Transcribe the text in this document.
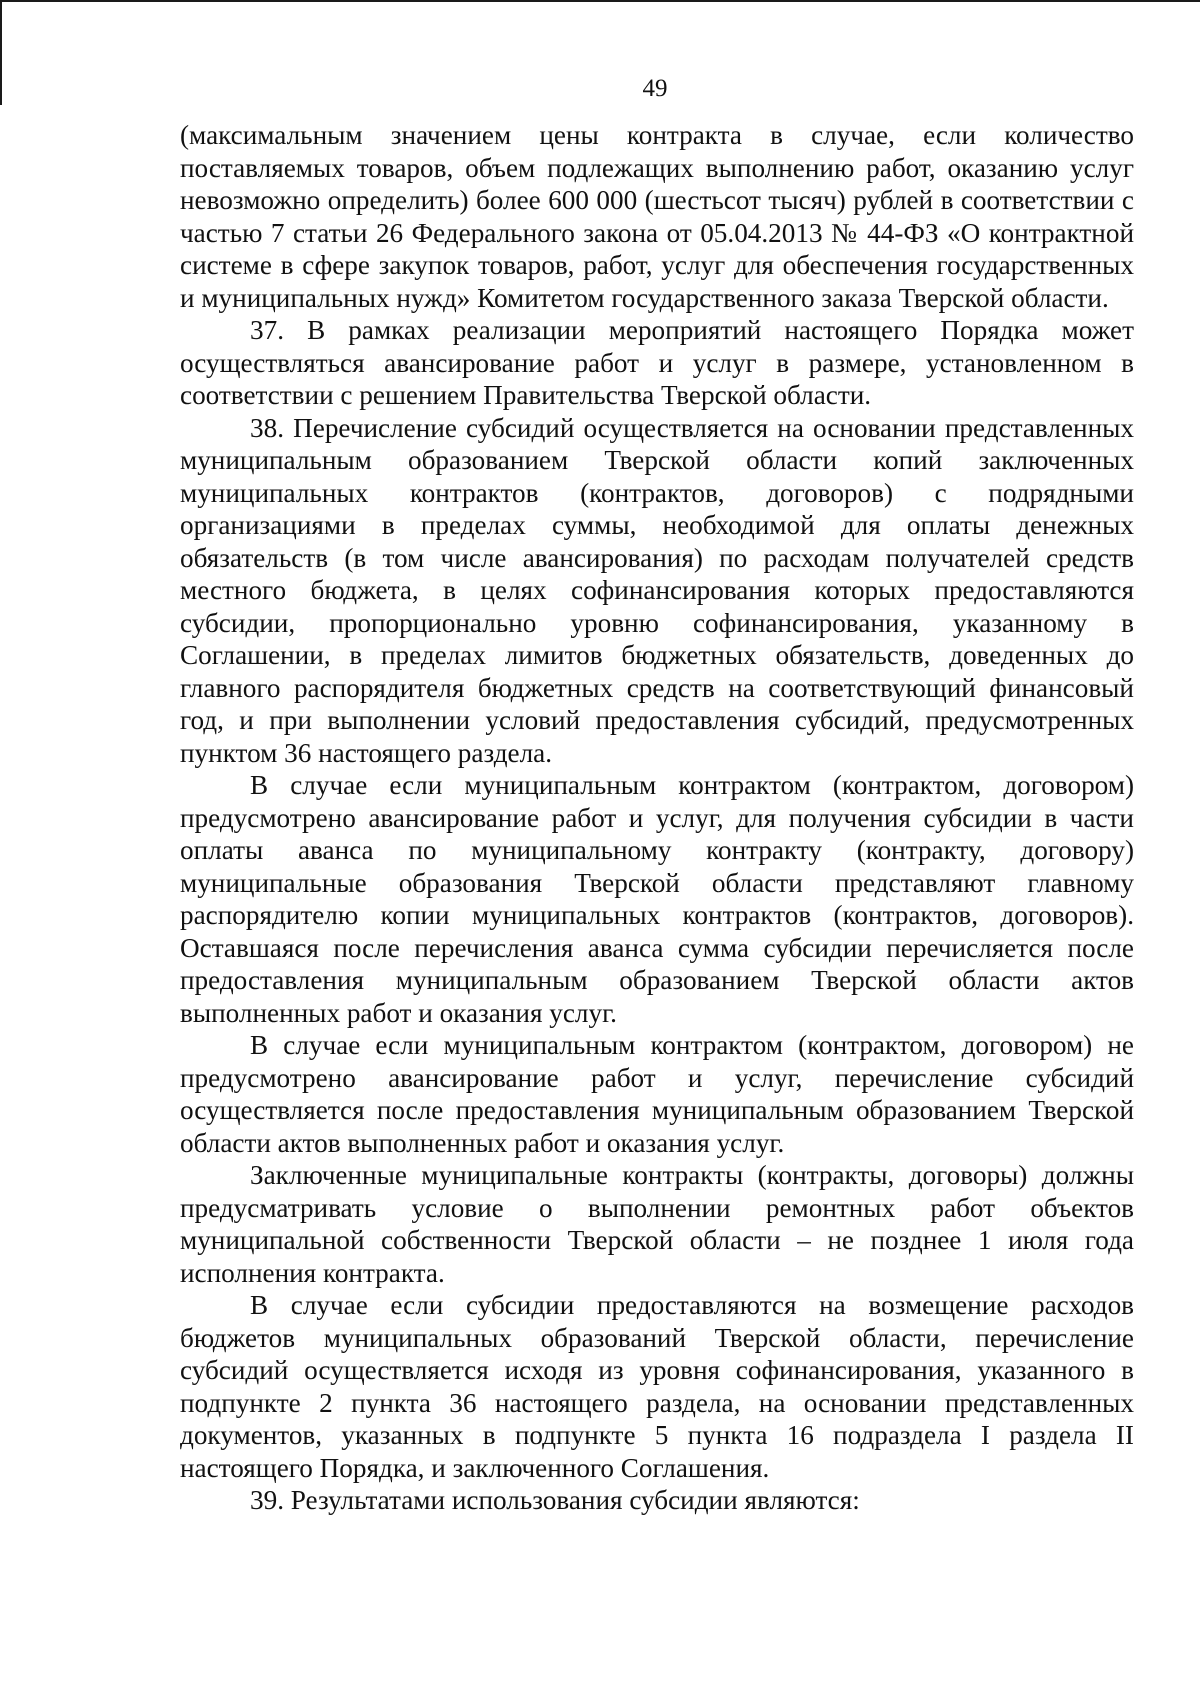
49

(максимальным значением цены контракта в случае, если количество поставляемых товаров, объем подлежащих выполнению работ, оказанию услуг невозможно определить) более 600 000 (шестьсот тысяч) рублей в соответствии с частью 7 статьи 26 Федерального закона от 05.04.2013 № 44-ФЗ «О контрактной системе в сфере закупок товаров, работ, услуг для обеспечения государственных и муниципальных нужд» Комитетом государственного заказа Тверской области.

37. В рамках реализации мероприятий настоящего Порядка может осуществляться авансирование работ и услуг в размере, установленном в соответствии с решением Правительства Тверской области.

38. Перечисление субсидий осуществляется на основании представленных муниципальным образованием Тверской области копий заключенных муниципальных контрактов (контрактов, договоров) с подрядными организациями в пределах суммы, необходимой для оплаты денежных обязательств (в том числе авансирования) по расходам получателей средств местного бюджета, в целях софинансирования которых предоставляются субсидии, пропорционально уровню софинансирования, указанному в Соглашении, в пределах лимитов бюджетных обязательств, доведенных до главного распорядителя бюджетных средств на соответствующий финансовый год, и при выполнении условий предоставления субсидий, предусмотренных пунктом 36 настоящего раздела.

В случае если муниципальным контрактом (контрактом, договором) предусмотрено авансирование работ и услуг, для получения субсидии в части оплаты аванса по муниципальному контракту (контракту, договору) муниципальные образования Тверской области представляют главному распорядителю копии муниципальных контрактов (контрактов, договоров). Оставшаяся после перечисления аванса сумма субсидии перечисляется после предоставления муниципальным образованием Тверской области актов выполненных работ и оказания услуг.

В случае если муниципальным контрактом (контрактом, договором) не предусмотрено авансирование работ и услуг, перечисление субсидий осуществляется после предоставления муниципальным образованием Тверской области актов выполненных работ и оказания услуг.

Заключенные муниципальные контракты (контракты, договоры) должны предусматривать условие о выполнении ремонтных работ объектов муниципальной собственности Тверской области – не позднее 1 июля года исполнения контракта.

В случае если субсидии предоставляются на возмещение расходов бюджетов муниципальных образований Тверской области, перечисление субсидий осуществляется исходя из уровня софинансирования, указанного в подпункте 2 пункта 36 настоящего раздела, на основании представленных документов, указанных в подпункте 5 пункта 16 подраздела I раздела II настоящего Порядка, и заключенного Соглашения.

39. Результатами использования субсидии являются:
